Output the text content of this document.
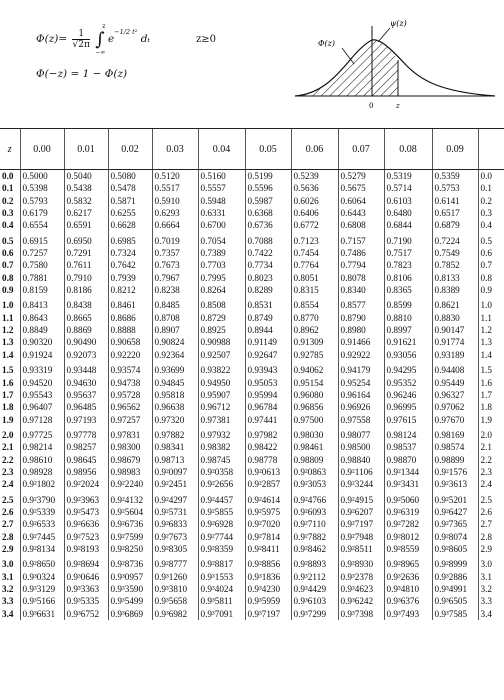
$\Phi(z)= \frac{1}{√2\pi}$ ∫
z
−∞
$e^{-1/2 t^2}$ dₜ	z≥0
Φ(−z) = 1 − Φ(z)
Φ(z)
ψ(z)
0	z
z	0.00	0.01	0.02	0.03	0.04	0.05	0.06	0.07	0.08	0.09	
0.0	0.5000	0.5040	0.5080	0.5120	0.5160	0.5199	0.5239	0.5279	0.5319	0.5359	0.0
0.1	0.5398	0.5438	0.5478	0.5517	0.5557	0.5596	0.5636	0.5675	0.5714	0.5753	0.1
0.2	0.5793	0.5832	0.5871	0.5910	0.5948	0.5987	0.6026	0.6064	0.6103	0.6141	0.2
0.3	0.6179	0.6217	0.6255	0.6293	0.6331	0.6368	0.6406	0.6443	0.6480	0.6517	0.3
0.4	0.6554	0.6591	0.6628	0.6664	0.6700	0.6736	0.6772	0.6808	0.6844	0.6879	0.4
0.5	0.6915	0.6950	0.6985	0.7019	0.7054	0.7088	0.7123	0.7157	0.7190	0.7224	0.5
0.6	0.7257	0.7291	0.7324	0.7357	0.7389	0.7422	0.7454	0.7486	0.7517	0.7549	0.6
0.7	0.7580	0.7611	0.7642	0.7673	0.7703	0.7734	0.7764	0.7794	0.7823	0.7852	0.7
0.8	0.7881	0.7910	0.7939	0.7967	0.7995	0.8023	0.8051	0.8078	0.8106	0.8133	0.8
0.9	0.8159	0.8186	0.8212	0.8238	0.8264	0.8289	0.8315	0.8340	0.8365	0.8389	0.9
1.0	0.8413	0.8438	0.8461	0.8485	0.8508	0.8531	0.8554	0.8577	0.8599	0.8621	1.0
1.1	0.8643	0.8665	0.8686	0.8708	0.8729	0.8749	0.8770	0.8790	0.8810	0.8830	1.1
1.2	0.8849	0.8869	0.8888	0.8907	0.8925	0.8944	0.8962	0.8980	0.8997	0.90147	1.2
1.3	0.90320	0.90490	0.90658	0.90824	0.90988	0.91149	0.91309	0.91466	0.91621	0.91774	1.3
1.4	0.91924	0.92073	0.92220	0.92364	0.92507	0.92647	0.92785	0.92922	0.93056	0.93189	1.4
1.5	0.93319	0.93448	0.93574	0.93699	0.93822	0.93943	0.94062	0.94179	0.94295	0.94408	1.5
1.6	0.94520	0.94630	0.94738	0.94845	0.94950	0.95053	0.95154	0.95254	0.95352	0.95449	1.6
1.7	0.95543	0.95637	0.95728	0.95818	0.95907	0.95994	0.96080	0.96164	0.96246	0.96327	1.7
1.8	0.96407	0.96485	0.96562	0.96638	0.96712	0.96784	0.96856	0.96926	0.96995	0.97062	1.8
1.9	0.97128	0.97193	0.97257	0.97320	0.97381	0.97441	0.97500	0.97558	0.97615	0.97670	1.9
2.0	0.97725	0.97778	0.97831	0.97882	0.97932	0.97982	0.98030	0.98077	0.98124	0.98169	2.0
2.1	0.98214	0.98257	0.98300	0.98341	0.98382	0.98422	0.98461	0.98500	0.98537	0.98574	2.1
2.2	0.98610	0.98645	0.98679	0.98713	0.98745	0.98778	0.98809	0.98840	0.98870	0.98899	2.2
2.3	0.98928	0.98956	0.98983	0.9²0097	0.9²0358	0.9²0613	0.9²0863	0.9²1106	0.9²1344	0.9²1576	2.3
2.4	0.9²1802	0.9²2024	0.9²2240	0.9²2451	0.9²2656	0.9²2857	0.9²3053	0.9²3244	0.9²3431	0.9²3613	2.4
2.5	0.9²3790	0.9²3963	0.9²4132	0.9²4297	0.9²4457	0.9²4614	0.9²4766	0.9²4915	0.9²5060	0.9²5201	2.5
2.6	0.9²5339	0.9²5473	0.9²5604	0.9²5731	0.9²5855	0.9²5975	0.9²6093	0.9²6207	0.9²6319	0.9²6427	2.6
2.7	0.9²6533	0.9²6636	0.9²6736	0.9²6833	0.9²6928	0.9²7020	0.9²7110	0.9²7197	0.9²7282	0.9²7365	2.7
2.8	0.9²7445	0.9²7523	0.9²7599	0.9²7673	0.9²7744	0.9²7814	0.9²7882	0.9²7948	0.9²8012	0.9²8074	2.8
2.9	0.9²8134	0.9²8193	0.9²8250	0.9²8305	0.9²8359	0.9²8411	0.9²8462	0.9²8511	0.9²8559	0.9²8605	2.9
3.0	0.9²8650	0.9²8694	0.9²8736	0.9²8777	0.9²8817	0.9²8856	0.9²8893	0.9²8930	0.9²8965	0.9²8999	3.0
3.1	0.9³0324	0.9³0646	0.9³0957	0.9³1260	0.9³1553	0.9³1836	0.9³2112	0.9³2378	0.9³2636	0.9³2886	3.1
3.2	0.9³3129	0.9³3363	0.9³3590	0.9³3810	0.9³4024	0.9³4230	0.9³4429	0.9³4623	0.9³4810	0.9³4991	3.2
3.3	0.9³5166	0.9³5335	0.9³5499	0.9³5658	0.9³5811	0.9³5959	0.9³6103	0.9³6242	0.9³6376	0.9³6505	3.3
3.4	0.9³6631	0.9³6752	0.9³6869	0.9³6982	0.9³7091	0.9³7197	0.9³7299	0.9³7398	0.9³7493	0.9³7585	3.4
